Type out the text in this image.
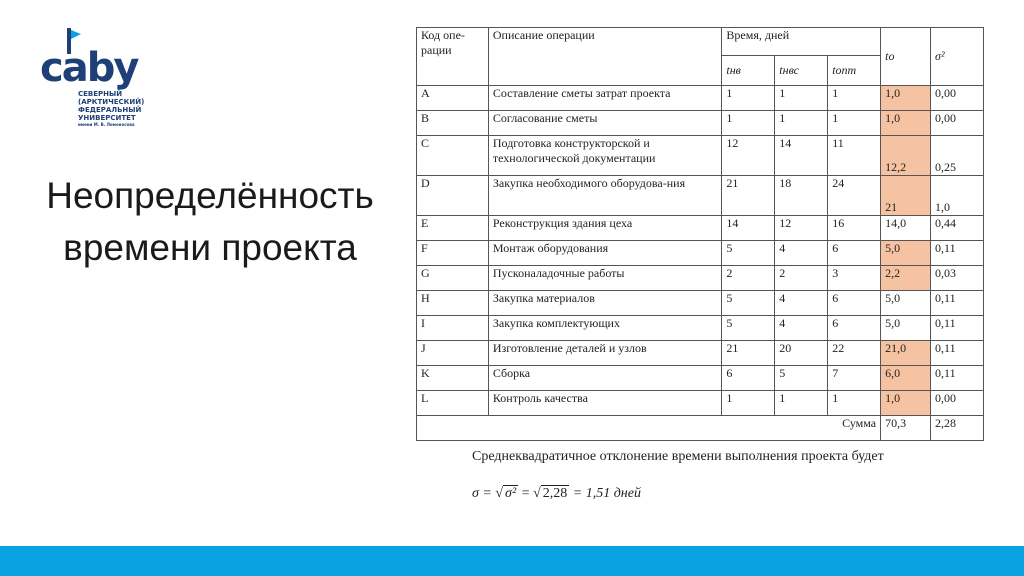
caby
СЕВЕРНЫЙ
(АРКТИЧЕСКИЙ)
ФЕДЕРАЛЬНЫЙ
УНИВЕРСИТЕТ
имени М. В. Ломоносова
Неопределённость
времени проекта
Код опе-рации	Описание операции	Время, дней			tо	σ²
		tнв	tнвс	tопт		
A	Составление сметы затрат проекта	1	1	1	1,0	0,00
B	Согласование сметы	1	1	1	1,0	0,00
C	Подготовка конструкторской и технологической документации	12	14	11	12,2	0,25
D	Закупка необходимого оборудова-ния	21	18	24	21	1,0
E	Реконструкция здания цеха	14	12	16	14,0	0,44
F	Монтаж оборудования	5	4	6	5,0	0,11
G	Пусконаладочные работы	2	2	3	2,2	0,03
H	Закупка материалов	5	4	6	5,0	0,11
I	Закупка комплектующих	5	4	6	5,0	0,11
J	Изготовление деталей и узлов	21	20	22	21,0	0,11
K	Сборка	6	5	7	6,0	0,11
L	Контроль качества	1	1	1	1,0	0,00
Сумма					70,3	2,28
Среднеквадратичное отклонение времени выполнения проекта будет
σ = √ σ² = √ 2,28 = 1,51 дней
